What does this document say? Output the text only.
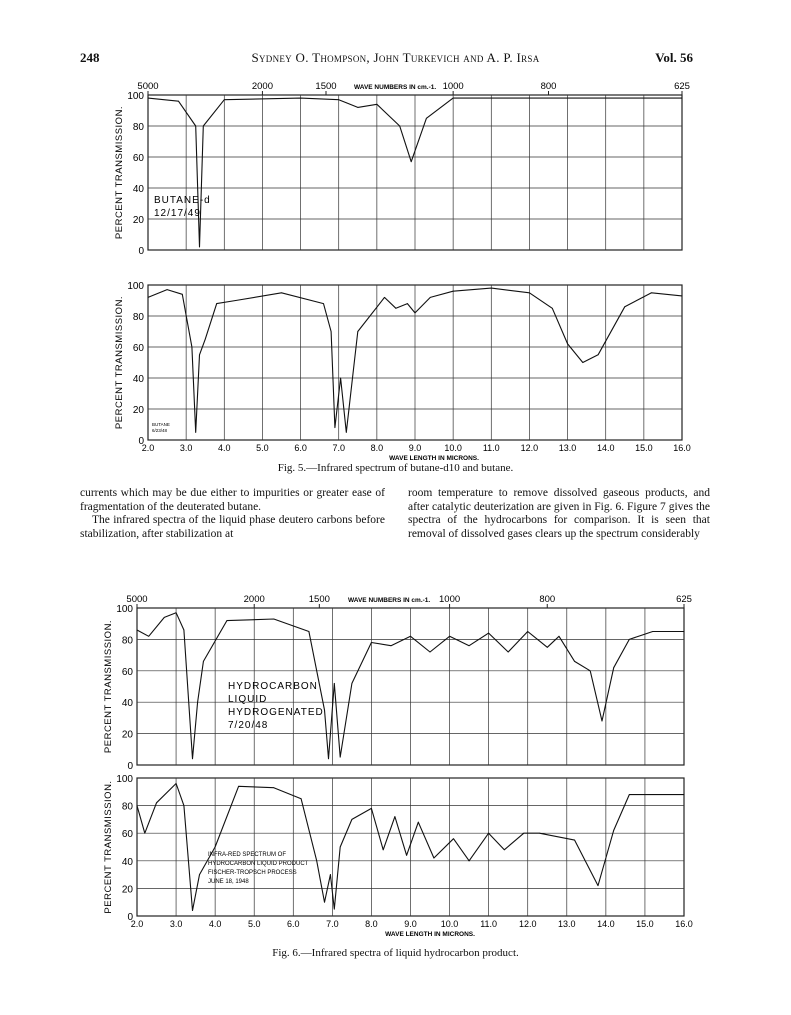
248	Sydney O. Thompson, John Turkevich and A. P. Irsa	Vol. 56
100
80
60
40
20
0
PERCENT TRANSMISSION.
5000	2000	1500	1000	800	625
WAVE NUMBERS IN cm.-1.
BUTANE-d
12/17/49
100
80
60
40
20
0
PERCENT TRANSMISSION.
2.0	3.0	4.0	5.0	6.0	7.0	8.0	9.0	10.0 11.0 12.0 13.0 14.0 15.0 16.0
WAVE LENGTH IN MICRONS.
BUTANE
6/23/48
100
80
60
40
20
0
PERCENT TRANSMISSION.
5000	2000	1500	1000	800	625
WAVE NUMBERS IN cm.-1.
HYDROCARBON
LIQUID
HYDROGENATED
7/20/48
100
80
60
40
20
0
PERCENT TRANSMISSION.
2.0	3.0	4.0	5.0	6.0	7.0	8.0	9.0	10.0 11.0 12.0 13.0 14.0 15.0 16.0
WAVE LENGTH IN MICRONS.
INFRA-RED SPECTRUM OF
HYDROCARBON LIQUID PRODUCT
FISCHER-TROPSCH PROCESS
JUNE 18, 1948
Fig. 5.—Infrared spectrum of butane-d10 and butane.

currents which may be due either to impurities or greater ease of fragmentation of the deuterated butane.

The infrared spectra of the liquid phase deutero carbons before stabilization, after stabilization at

room temperature to remove dissolved gaseous products, and after catalytic deuterization are given in Fig. 6. Figure 7 gives the spectra of the hydrocarbons for comparison. It is seen that removal of dissolved gases clears up the spectrum considerably

Fig. 6.—Infrared spectra of liquid hydrocarbon product.
